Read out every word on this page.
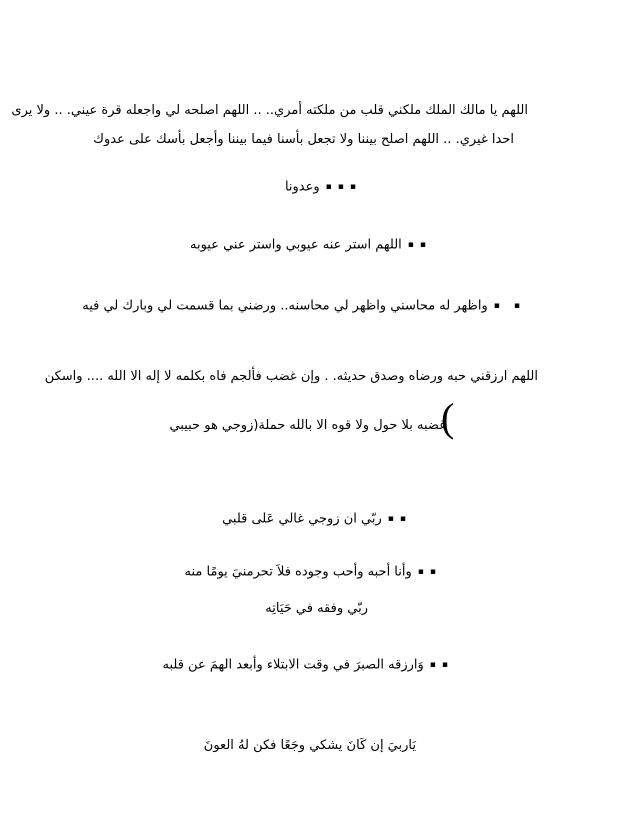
اللهم يا مالك الملك ملكني قلب من ملكته أمري.. .. اللهم اصلحه لي واجعله قرة عيني. .. ولا يرى
احدا غيري. .. اللهم اصلح بيننا ولا تجعل بأسنا فيما بيننا وأجعل بأسك على عدوك
▪▪▪وعدونا
▪▪اللهم استر عنه عيوبي واستر عني عيوبه
▪▪واظهر له محاسني واظهر لي محاسنه.. ورضني بما قسمت لي وبارك لي فيه
اللهم ارزقني حبه ورضاه وصدق حديثه. . وإن غضب فألجم فاه بكلمه لا إله الا الله .... واسكن
(
غضبه بلا حول ولا قوه الا بالله حملة(زوجي هو حبيبي
▪▪ربّي ان زوجي غالي عَلى قلبي
▪▪وأنا أحبه وأحب وجوده فلاَ تحرمنيَ يومًا منه
ربّي وفقه في حَيَاتِه
▪▪وَارزقه الصبرَ في وقت الابتلاء وأبعد الهمَ عن قلبه
يَاربيَ إن كَانَ يشكي وجَعًا فكن لهُ العونَ
